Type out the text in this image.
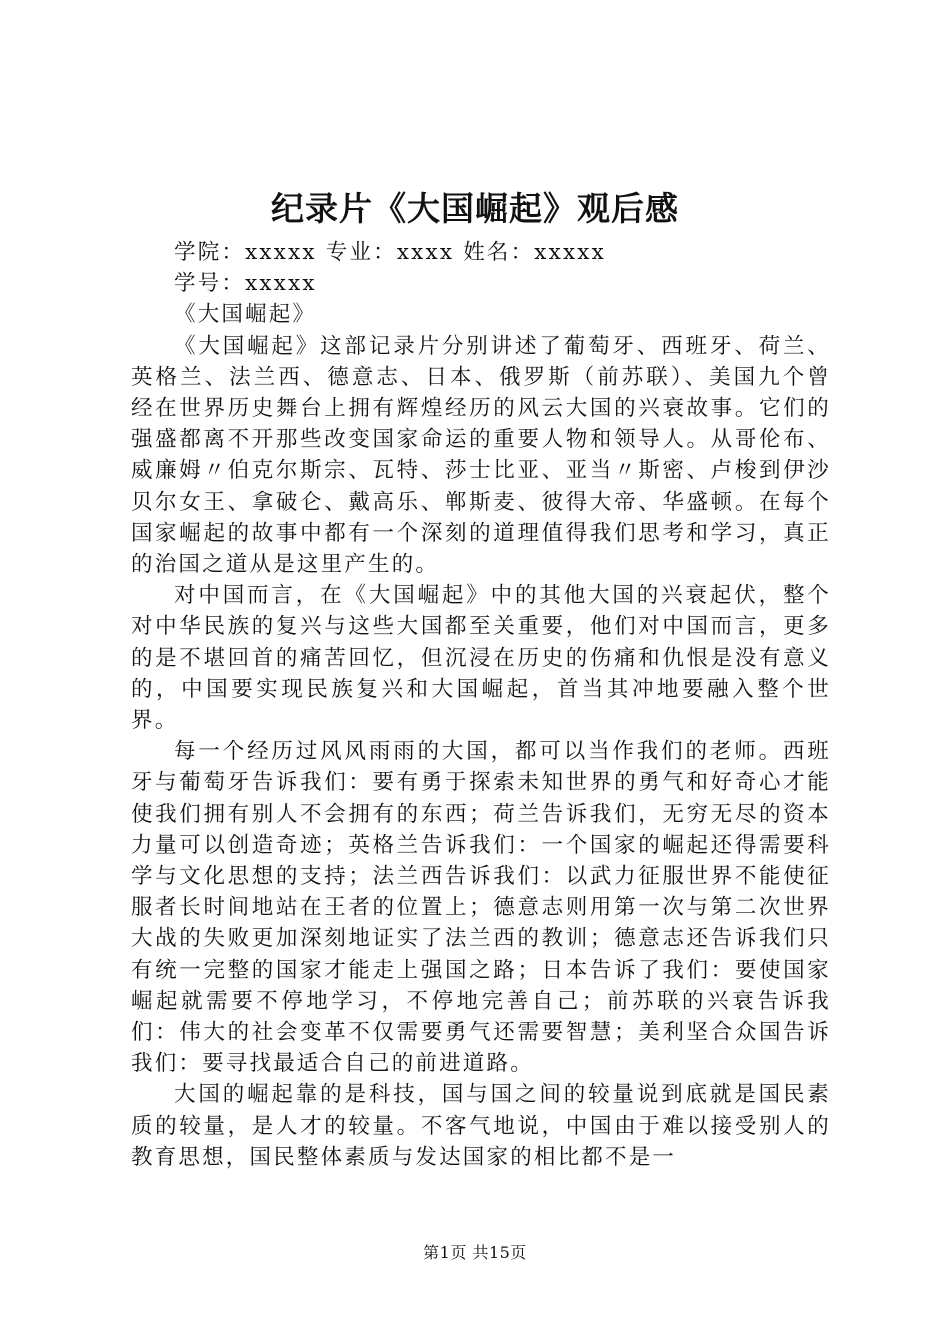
纪录片《大国崛起》观后感
学院：xxxxx 专业：xxxx 姓名：xxxxx
学号：xxxxx
《大国崛起》

《大国崛起》这部记录片分别讲述了葡萄牙、西班牙、荷兰、英格兰、法兰西、德意志、日本、俄罗斯（前苏联）、美国九个曾经在世界历史舞台上拥有辉煌经历的风云大国的兴衰故事。它们的强盛都离不开那些改变国家命运的重要人物和领导人。从哥伦布、威廉姆〃伯克尔斯宗、瓦特、莎士比亚、亚当〃斯密、卢梭到伊沙贝尔女王、拿破仑、戴高乐、郸斯麦、彼得大帝、华盛顿。在每个国家崛起的故事中都有一个深刻的道理值得我们思考和学习，真正的治国之道从是这里产生的。

对中国而言，在《大国崛起》中的其他大国的兴衰起伏，整个对中华民族的复兴与这些大国都至关重要，他们对中国而言，更多的是不堪回首的痛苦回忆，但沉浸在历史的伤痛和仇恨是没有意义的，中国要实现民族复兴和大国崛起，首当其冲地要融入整个世界。

每一个经历过风风雨雨的大国，都可以当作我们的老师。西班牙与葡萄牙告诉我们：要有勇于探索未知世界的勇气和好奇心才能使我们拥有别人不会拥有的东西；荷兰告诉我们，无穷无尽的资本力量可以创造奇迹；英格兰告诉我们：一个国家的崛起还得需要科学与文化思想的支持；法兰西告诉我们：以武力征服世界不能使征服者长时间地站在王者的位置上；德意志则用第一次与第二次世界大战的失败更加深刻地证实了法兰西的教训；德意志还告诉我们只有统一完整的国家才能走上强国之路；日本告诉了我们：要使国家崛起就需要不停地学习，不停地完善自己；前苏联的兴衰告诉我们：伟大的社会变革不仅需要勇气还需要智慧；美利坚合众国告诉我们：要寻找最适合自己的前进道路。

大国的崛起靠的是科技，国与国之间的较量说到底就是国民素质的较量，是人才的较量。不客气地说，中国由于难以接受别人的教育思想，国民整体素质与发达国家的相比都不是一

第1页 共15页
